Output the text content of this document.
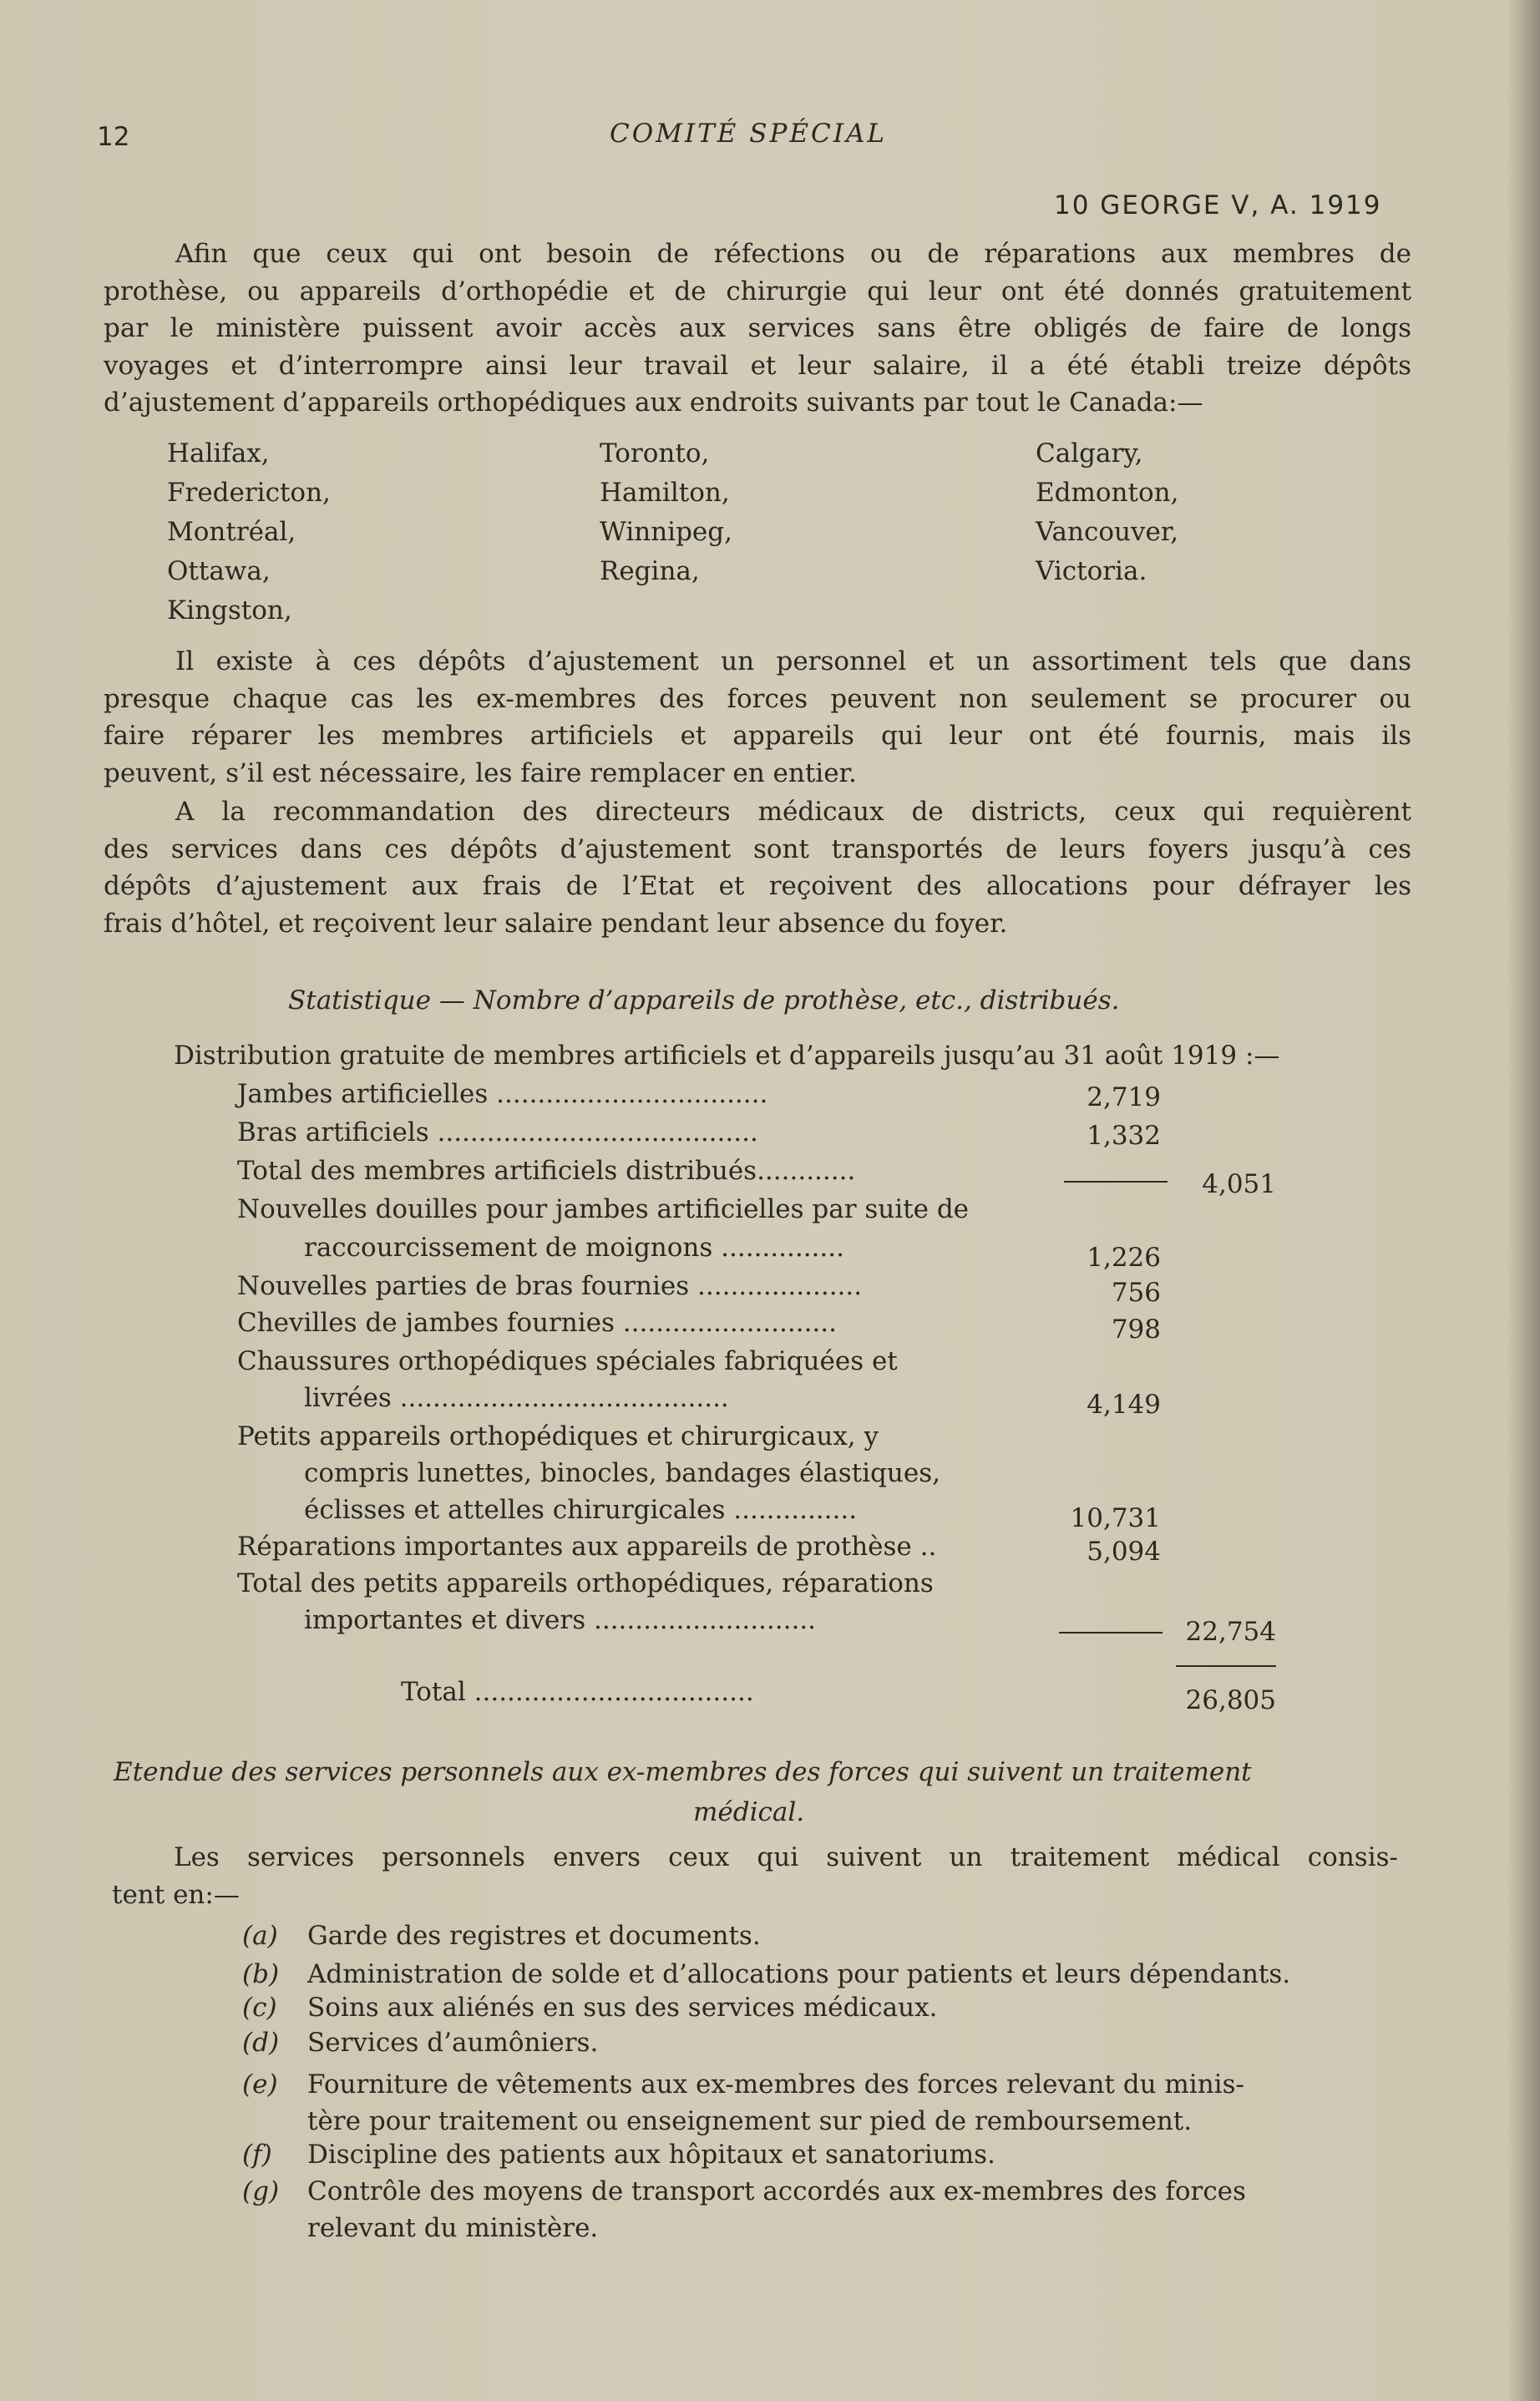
12	COMITÉ SPÉCIAL
10 GEORGE V, A. 1919
Afin que ceux qui ont besoin de réfections ou de réparations aux membres de
prothèse, ou appareils d’orthopédie et de chirurgie qui leur ont été donnés gratuitement
par le ministère puissent avoir accès aux services sans être obligés de faire de longs
voyages et d’interrompre ainsi leur travail et leur salaire, il a été établi treize dépôts
d’ajustement d’appareils orthopédiques aux endroits suivants par tout le Canada:—
Halifax,
Fredericton,
Montréal,
Ottawa,
Kingston,
Toronto,
Hamilton,
Winnipeg,
Regina,
Calgary,
Edmonton,
Vancouver,
Victoria.
Il existe à ces dépôts d’ajustement un personnel et un assortiment tels que dans
presque chaque cas les ex-membres des forces peuvent non seulement se procurer ou
faire réparer les membres artificiels et appareils qui leur ont été fournis, mais ils
peuvent, s’il est nécessaire, les faire remplacer en entier.
A la recommandation des directeurs médicaux de districts, ceux qui requièrent
des services dans ces dépôts d’ajustement sont transportés de leurs foyers jusqu’à ces
dépôts d’ajustement aux frais de l’Etat et reçoivent des allocations pour défrayer les
frais d’hôtel, et reçoivent leur salaire pendant leur absence du foyer.
Statistique — Nombre d’appareils de prothèse, etc., distribués.
Distribution gratuite de membres artificiels et d’appareils jusqu’au 31 août 1919 :—
Jambes artificielles .................................	2,719
Bras artificiels .......................................	1,332
Total des membres artificiels distribués............	4,051
Nouvelles douilles pour jambes artificielles par suite de
raccourcissement de moignons ...............	1,226
Nouvelles parties de bras fournies ....................	756
Chevilles de jambes fournies ..........................	798
Chaussures orthopédiques spéciales fabriquées et
livrées ........................................	4,149
Petits appareils orthopédiques et chirurgicaux, y
compris lunettes, binocles, bandages élastiques,
éclisses et attelles chirurgicales ...............	10,731
Réparations importantes aux appareils de prothèse ..	5,094
Total des petits appareils orthopédiques, réparations
importantes et divers ...........................	22,754
Total ..................................	26,805
Etendue des services personnels aux ex-membres des forces qui suivent un traitement
médical.
Les services personnels envers ceux qui suivent un traitement médical consis-
tent en:—
(a) Garde des registres et documents.
(b) Administration de solde et d’allocations pour patients et leurs dépendants.
(c) Soins aux aliénés en sus des services médicaux.
(d) Services d’aumôniers.
(e) Fourniture de vêtements aux ex-membres des forces relevant du minis-
tère pour traitement ou enseignement sur pied de remboursement.
(f) Discipline des patients aux hôpitaux et sanatoriums.
(g) Contrôle des moyens de transport accordés aux ex-membres des forces
relevant du ministère.
